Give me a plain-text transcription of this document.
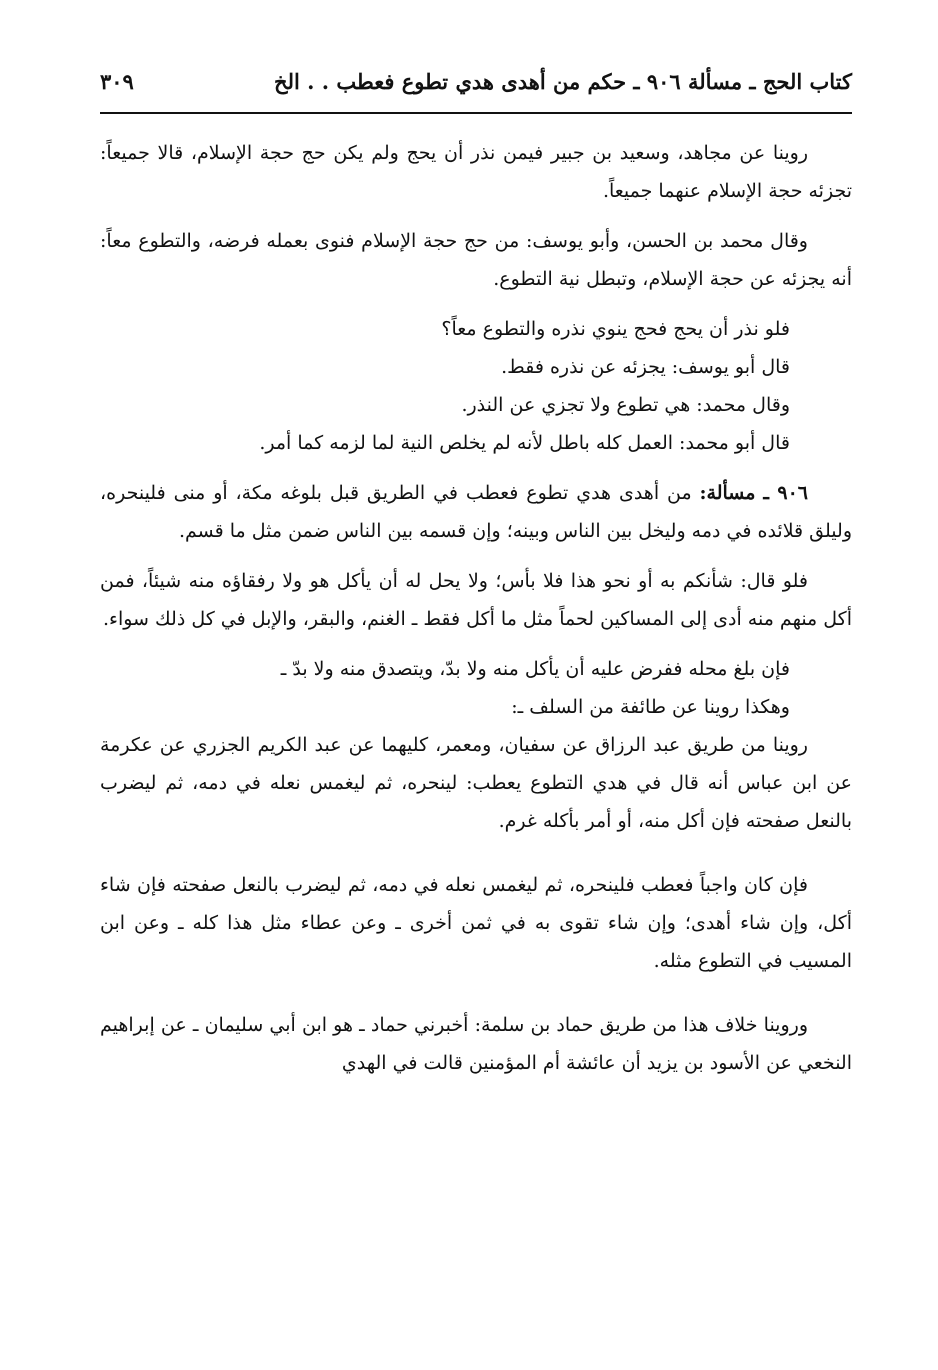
كتاب الحج ـ مسألة ٩٠٦ ـ حكم من أهدى هدي تطوع فعطب . . الخ
٣٠٩

روينا عن مجاهد، وسعيد بن جبير فيمن نذر أن يحج ولم يكن حج حجة الإسلام، قالا جميعاً: تجزئه حجة الإسلام عنهما جميعاً.

وقال محمد بن الحسن، وأبو يوسف: من حج حجة الإسلام فنوى بعمله فرضه، والتطوع معاً: أنه يجزئه عن حجة الإسلام، وتبطل نية التطوع.

فلو نذر أن يحج فحج ينوي نذره والتطوع معاً؟

قال أبو يوسف: يجزئه عن نذره فقط.

وقال محمد: هي تطوع ولا تجزي عن النذر.

قال أبو محمد: العمل كله باطل لأنه لم يخلص النية لما لزمه كما أمر.

٩٠٦ ـ مسألة: من أهدى هدي تطوع فعطب في الطريق قبل بلوغه مكة، أو منى فلينحره، وليلق قلائده في دمه وليخل بين الناس وبينه؛ وإن قسمه بين الناس ضمن مثل ما قسم.

فلو قال: شأنكم به أو نحو هذا فلا بأس؛ ولا يحل له أن يأكل هو ولا رفقاؤه منه شيئاً، فمن أكل منهم منه أدى إلى المساكين لحماً مثل ما أكل فقط ـ الغنم، والبقر، والإبل في كل ذلك سواء.

فإن بلغ محله ففرض عليه أن يأكل منه ولا بدّ، ويتصدق منه ولا بدّ ـ

وهكذا روينا عن طائفة من السلف ـ:

روينا من طريق عبد الرزاق عن سفيان، ومعمر، كليهما عن عبد الكريم الجزري عن عكرمة عن ابن عباس أنه قال في هدي التطوع يعطب: لينحره، ثم ليغمس نعله في دمه، ثم ليضرب بالنعل صفحته فإن أكل منه، أو أمر بأكله غرم.

فإن كان واجباً فعطب فلينحره، ثم ليغمس نعله في دمه، ثم ليضرب بالنعل صفحته فإن شاء أكل، وإن شاء أهدى؛ وإن شاء تقوى به في ثمن أخرى ـ وعن عطاء مثل هذا كله ـ وعن ابن المسيب في التطوع مثله.

وروينا خلاف هذا من طريق حماد بن سلمة: أخبرني حماد ـ هو ابن أبي سليمان ـ عن إبراهيم النخعي عن الأسود بن يزيد أن عائشة أم المؤمنين قالت في الهدي
